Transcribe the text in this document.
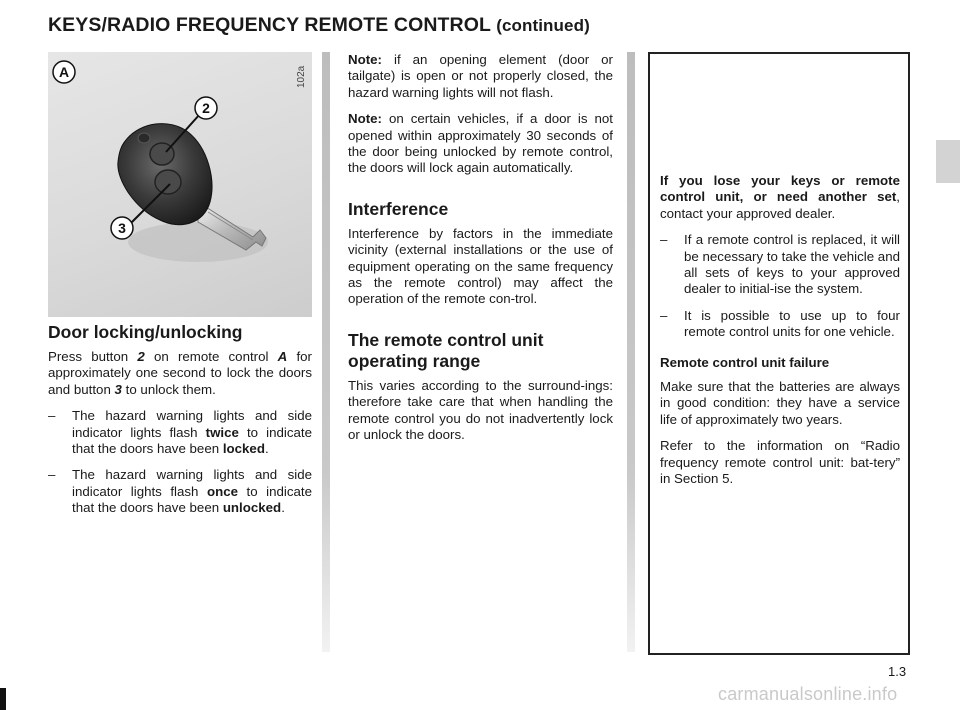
KEYS/RADIO FREQUENCY REMOTE CONTROL (continued)
A
2
3
102a
Door locking/unlocking

Press button 2 on remote control A for approximately one second to lock the doors and button 3 to unlock them.

– The hazard warning lights and side indicator lights flash twice to indicate that the doors have been locked.
– The hazard warning lights and side indicator lights flash once to indicate that the doors have been unlocked.

Note: if an opening element (door or tailgate) is open or not properly closed, the hazard warning lights will not flash.

Note: on certain vehicles, if a door is not opened within approximately 30 seconds of the door being unlocked by remote control, the doors will lock again automatically.

Interference

Interference by factors in the immediate vicinity (external installations or the use of equipment operating on the same frequency as the remote control) may affect the operation of the remote con-trol.

The remote control unit operating range

This varies according to the surround-ings: therefore take care that when handling the remote control you do not inadvertently lock or unlock the doors.

If you lose your keys or remote control unit, or need another set, contact your approved dealer.

– If a remote control is replaced, it will be necessary to take the vehicle and all sets of keys to your approved dealer to initial-ise the system.
– It is possible to use up to four remote control units for one vehicle.
Remote control unit failure

Make sure that the batteries are always in good condition: they have a service life of approximately two years.

Refer to the information on “Radio frequency remote control unit: bat-tery” in Section 5.

1.3
carmanualsonline.info
